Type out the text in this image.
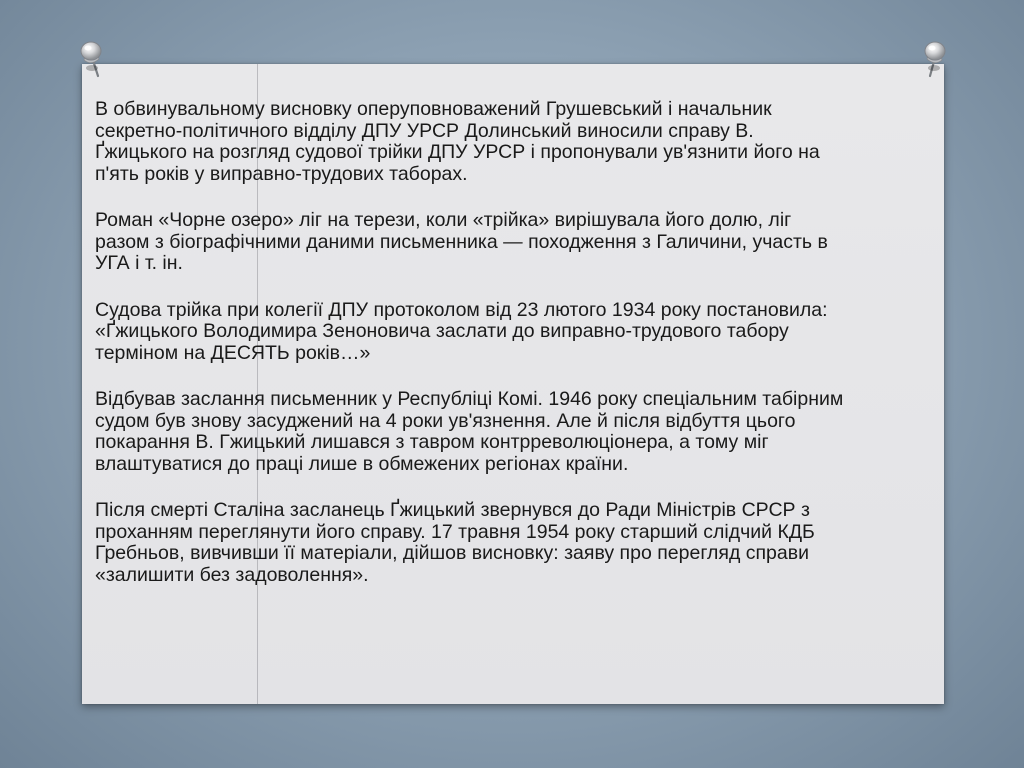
В обвинувальному висновку оперуповноважений Грушевський і начальник
секретно-політичного відділу ДПУ УРСР Долинський виносили справу В.
Ґжицького на розгляд судової трійки ДПУ УРСР і пропонували ув'язнити його на
п'ять років у виправно-трудових таборах.

Роман «Чорне озеро» ліг на терези, коли «трійка» вирішувала його долю, ліг
разом з біографічними даними письменника — походження з Галичини, участь в
УГА і т. ін.

Судова трійка при колегії ДПУ протоколом від 23 лютого 1934 року постановила:
«Ґжицького Володимира Зеноновича заслати до виправно-трудового табору
терміном на ДЕСЯТЬ років…»

Відбував заслання письменник у Республіці Комі. 1946 року спеціальним табірним
судом був знову засуджений на 4 роки ув'язнення. Але й після відбуття цього
покарання В. Гжицький лишався з тавром контрреволюціонера, а тому міг
влаштуватися до праці лише в обмежених регіонах країни.

Після смерті Сталіна засланець Ґжицький звернувся до Ради Міністрів СРСР з
проханням переглянути його справу. 17 травня 1954 року старший слідчий КДБ
Гребньов, вивчивши її матеріали, дійшов висновку: заяву про перегляд справи
«залишити без задоволення».
